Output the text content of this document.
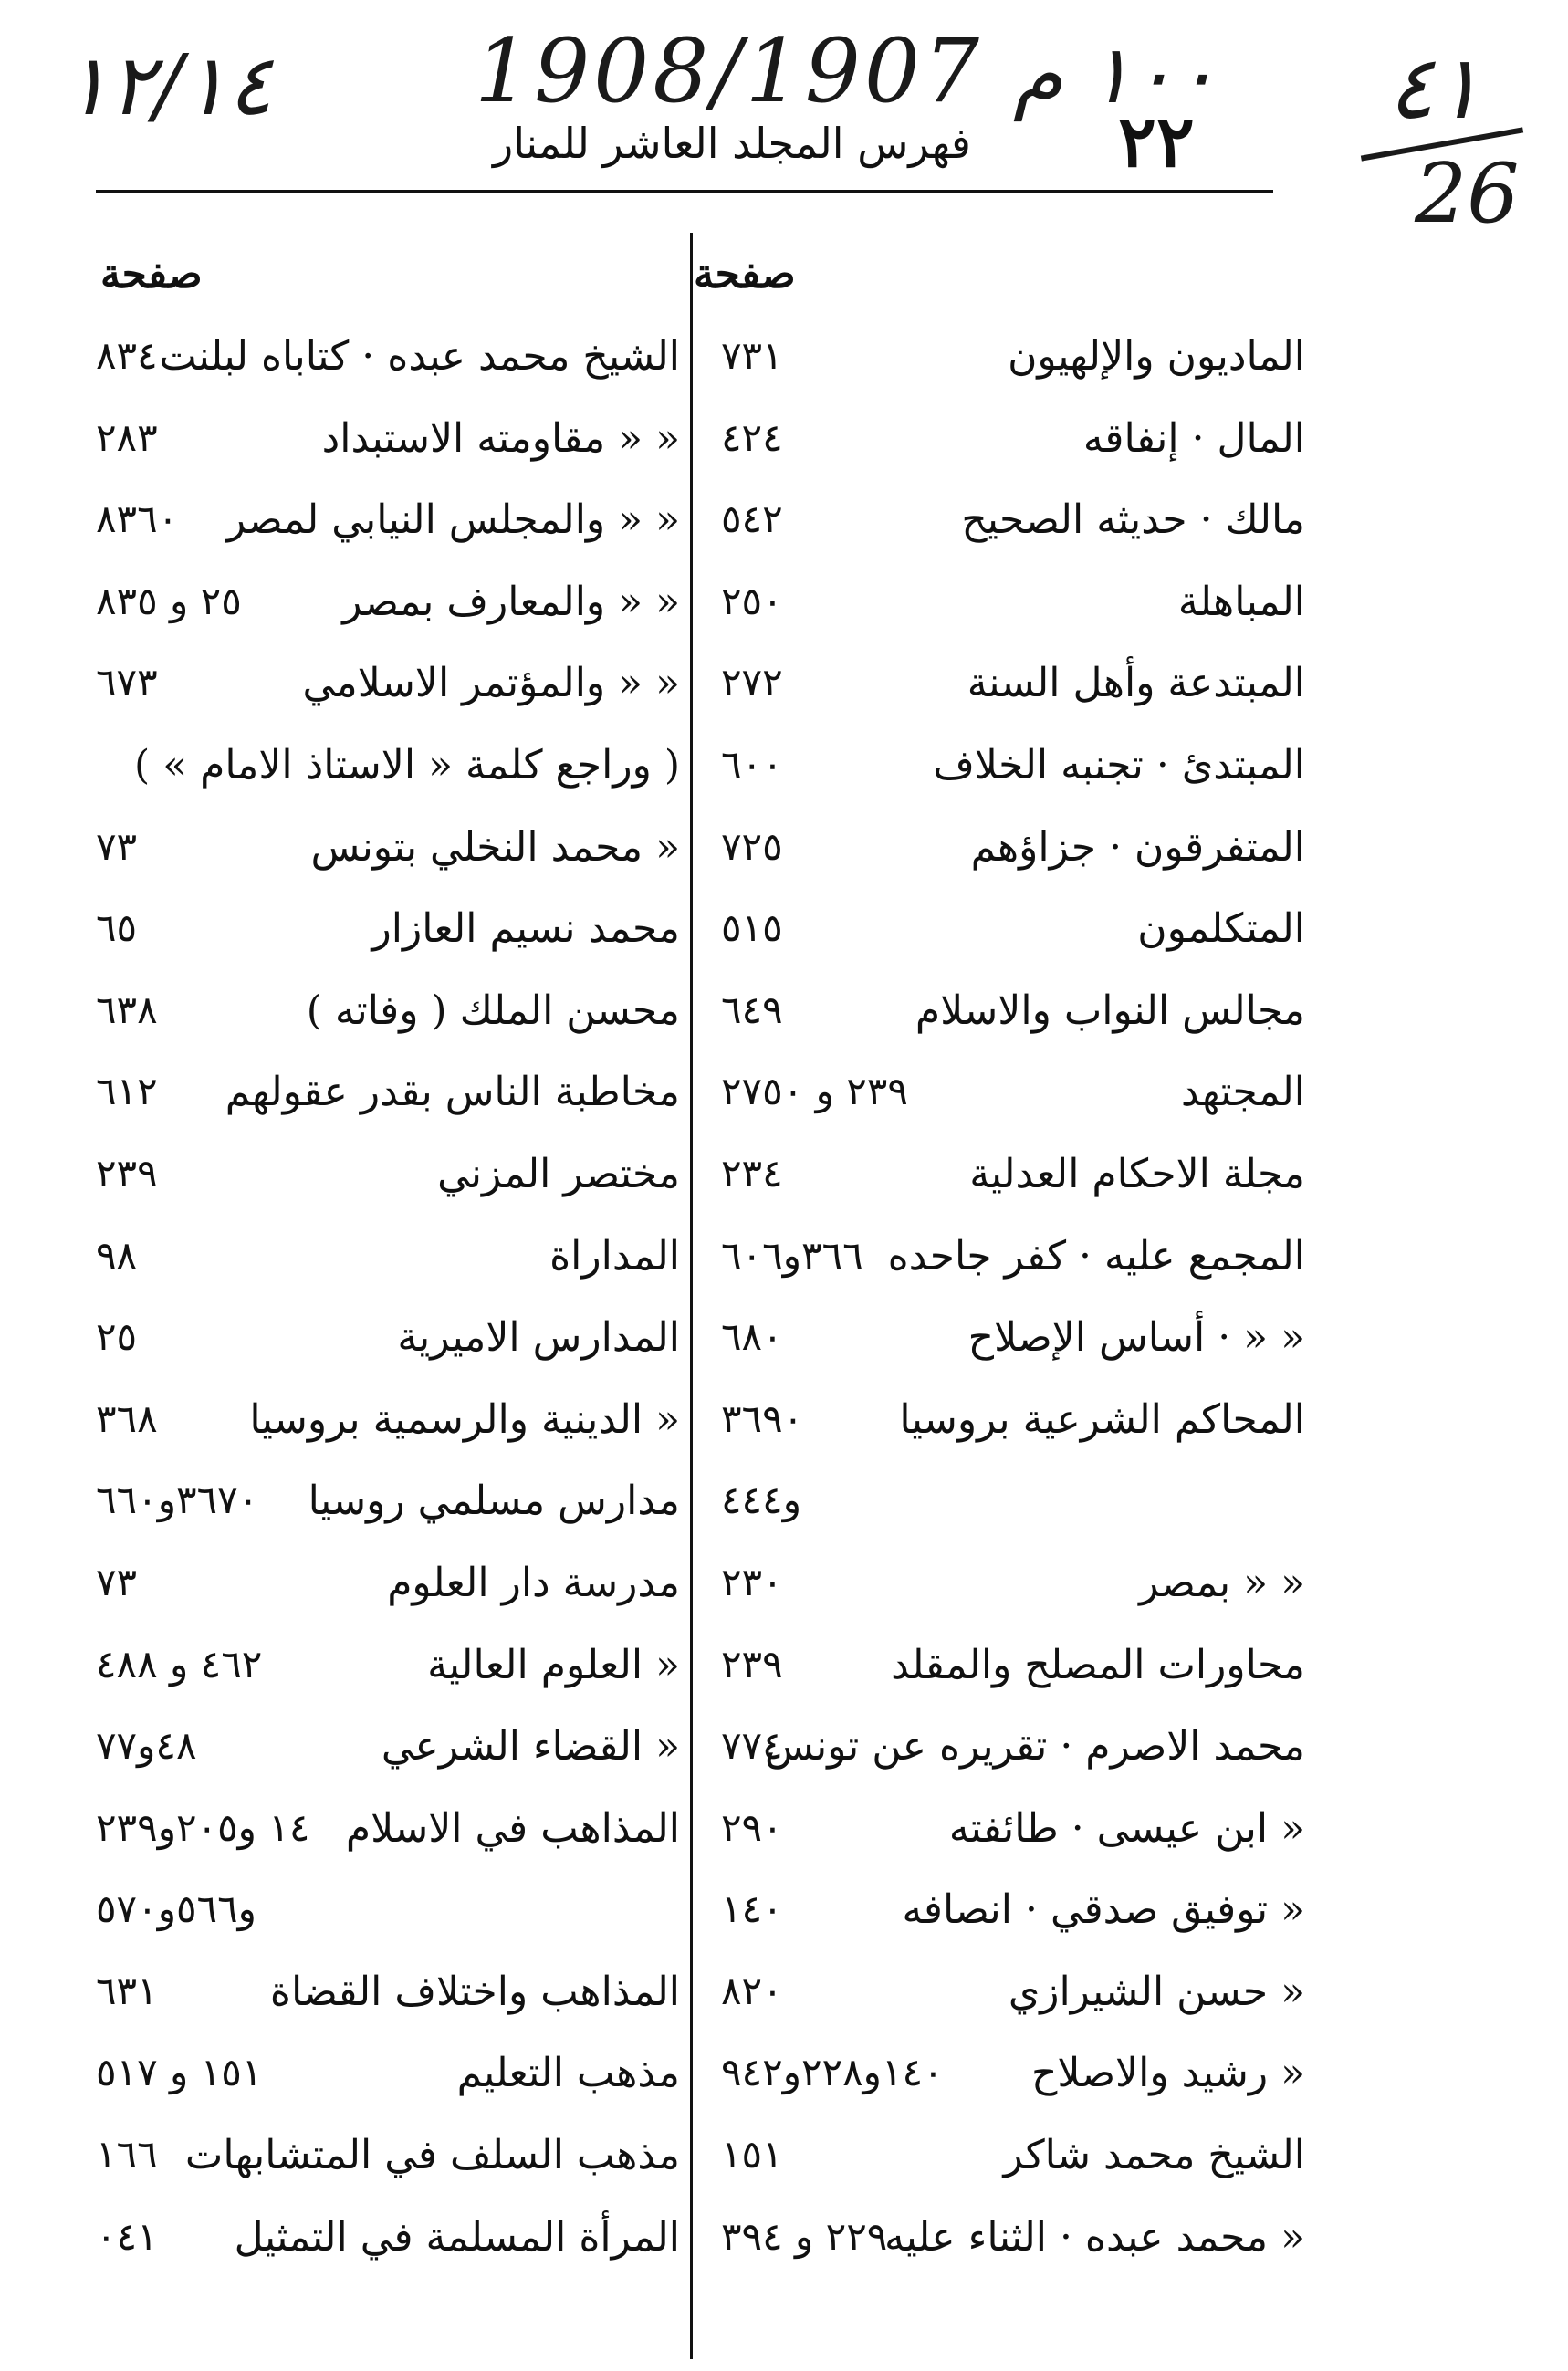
١٢/١٤ 1908/1907 ١٠٠ م ٤١
26
٢٢
فهرس المجلد العاشر للمنار
صفحة
صفحة
الماديون والإلهيون
٧٣١
المال · إنفاقه
٤٢٤
مالك · حديثه الصحيح
٥٤٢
المباهلة
٢٥٠
المبتدعة وأهل السنة
٢٧٢
المبتدئ · تجنبه الخلاف
٦٠٠
المتفرقون · جزاؤهم
٧٢٥
المتكلمون
٥١٥
مجالس النواب والاسلام
٦٤٩
المجتهد
٢٣٩ و ٢٧٥٠
مجلة الاحكام العدلية
٢٣٤
المجمع عليه · كفر جاحده
٣٦٦و٦٠٦
« « · أساس الإصلاح
٦٨٠
المحاكم الشرعية بروسيا
٣٦٩٠
و٤٤٤
« « بمصر
٢٣٠
محاورات المصلح والمقلد
٢٣٩
محمد الاصرم · تقريره عن تونس
٧٧٤
« ابن عيسى · طائفته
٢٩٠
« توفيق صدقي · انصافه
١٤٠
« حسن الشيرازي
٨٢٠
« رشيد والاصلاح
١٤٠و٢٢٨و٩٤٢
الشيخ محمد شاكر
١٥١
« محمد عبده · الثناء عليه
٢٢٩ و ٣٩٤
الشيخ محمد عبده · كتاباه لبلنت
٨٣٤
« « مقاومته الاستبداد
٢٨٣
« « والمجلس النيابي لمصر
٨٣٦٠
« « والمعارف بمصر
٢٥ و ٨٣٥
« « والمؤتمر الاسلامي
٦٧٣
( وراجع كلمة « الاستاذ الامام » )
« محمد النخلي بتونس
٧٣
محمد نسيم العازار
٦٥
محسن الملك ( وفاته )
٦٣٨
مخاطبة الناس بقدر عقولهم
٦١٢
مختصر المزني
٢٣٩
المداراة
٩٨
المدارس الاميرية
٢٥
« الدينية والرسمية بروسيا
٣٦٨
مدارس مسلمي روسيا
٣٦٧٠و٦٦٠
مدرسة دار العلوم
٧٣
« العلوم العالية
٤٦٢ و ٤٨٨
« القضاء الشرعي
٤٨و٧٧
المذاهب في الاسلام
١٤ و٢٠٥و٢٣٩
و٥٦٦و٥٧٠
المذاهب واختلاف القضاة
٦٣١
مذهب التعليم
١٥١ و ٥١٧
مذهب السلف في المتشابهات
١٦٦
المرأة المسلمة في التمثيل
٠٤١
